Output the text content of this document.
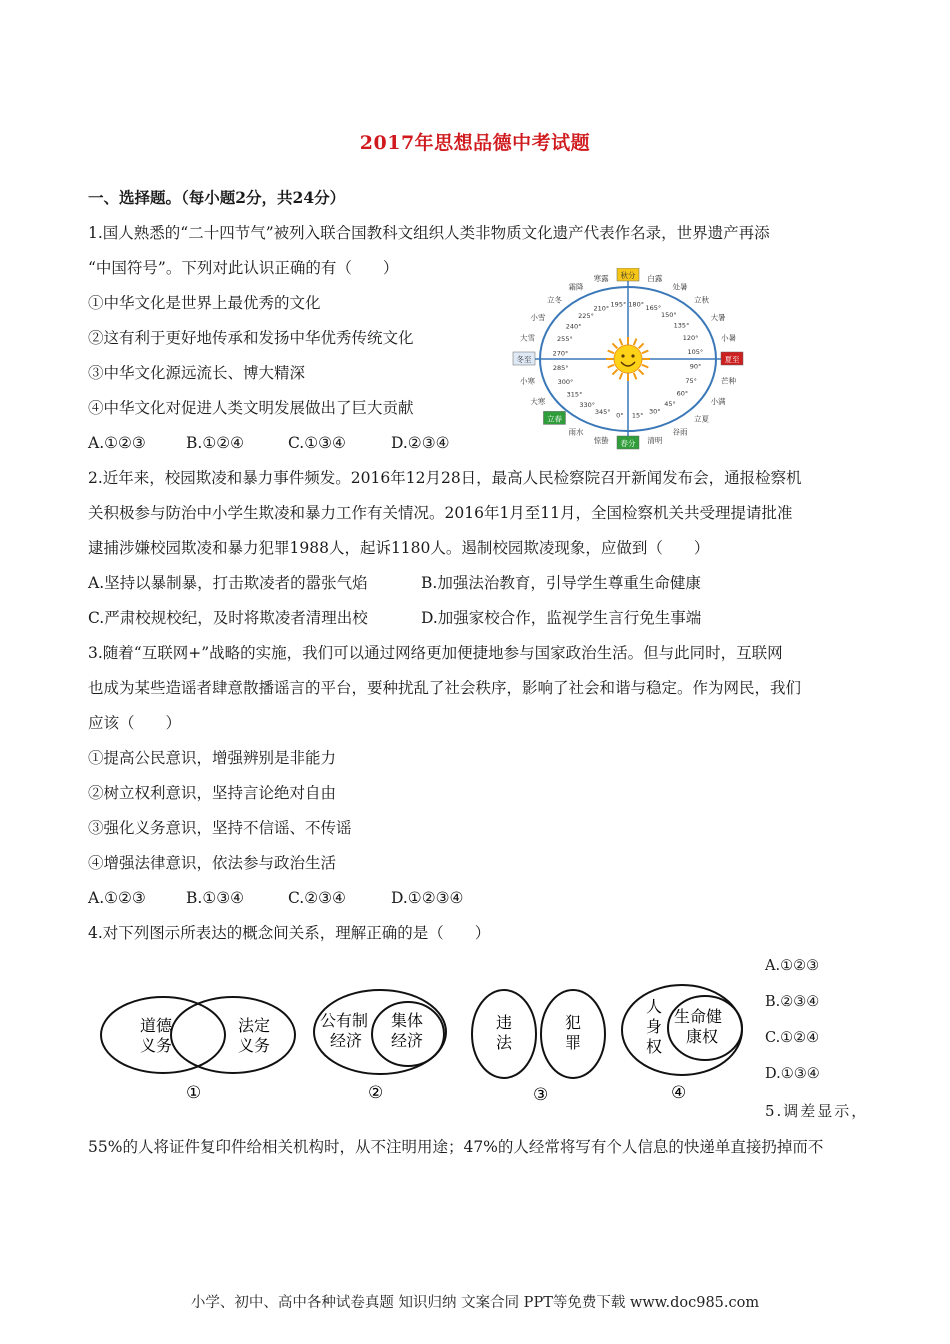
2017年思想品德中考试题
一、选择题。（每小题2分，共24分）
1.国人熟悉的“二十四节气”被列入联合国教科文组织人类非物质文化遗产代表作名录，世界遗产再添
“中国符号”。下列对此认识正确的有（　　）
①中华文化是世界上最优秀的文化
②这有利于更好地传承和发扬中华优秀传统文化
③中华文化源远流长、博大精深
④中华文化对促进人类文明发展做出了巨大贡献
A.①②③	B.①②④	C.①③④	D.②③④
秋分 白露
处暑
立秋
大暑
小暑
夏至
芒种
小满
立夏
谷雨
清明
春分
惊蛰
雨水
立春
大寒
小寒
冬至
大雪
小雪
立冬
霜降
寒露
180° 165°
150°
135°
120°
105°
90°
75°
60°
45°
30°
15°
0°
345°
330°
315°
300°
285°
270°
255°
240°
225°
210° 195°
2.近年来，校园欺凌和暴力事件频发。2016年12月28日，最高人民检察院召开新闻发布会，通报检察机
关积极参与防治中小学生欺凌和暴力工作有关情况。2016年1月至11月，全国检察机关共受理提请批准
逮捕涉嫌校园欺凌和暴力犯罪1988人，起诉1180人。遏制校园欺凌现象，应做到（　　）
A.坚持以暴制暴，打击欺凌者的嚣张气焰	B.加强法治教育，引导学生尊重生命健康
C.严肃校规校纪，及时将欺凌者清理出校	D.加强家校合作，监视学生言行免生事端
3.随着“互联网+”战略的实施，我们可以通过网络更加便捷地参与国家政治生活。但与此同时，互联网
也成为某些造谣者肆意散播谣言的平台，要种扰乱了社会秩序，影响了社会和谐与稳定。作为网民，我们
应该（　　）
①提高公民意识，增强辨别是非能力
②树立权利意识，坚持言论绝对自由
③强化义务意识，坚持不信谣、不传谣
④增强法律意识，依法参与政治生活
A.①②③	B.①③④	C.②③④	D.①②③④
4.对下列图示所表达的概念间关系，理解正确的是（　　）
道德
义务
法定
义务
①
公有制
经济
集体
经济
②
违
法
犯
罪
③
人
身
权
生命健
康权
④
A.①②③
B.②③④
C.①②④
D.①③④
5.调差显示，
55%的人将证件复印件给相关机构时，从不注明用途；47%的人经常将写有个人信息的快递单直接扔掉而不
小学、初中、高中各种试卷真题 知识归纳 文案合同 PPT等免费下载 www.doc985.com
